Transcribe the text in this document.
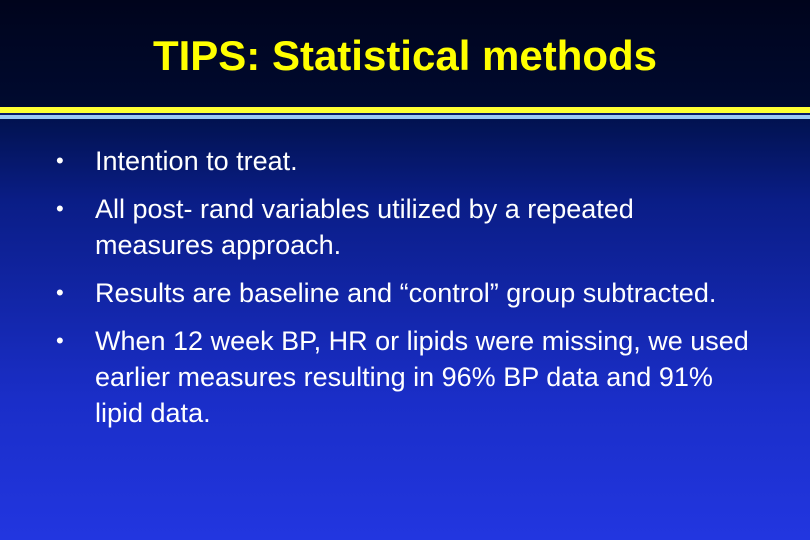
TIPS: Statistical methods
•	Intention to treat.
•	All post- rand variables utilized by a repeated measures approach.
•	Results are baseline and “control” group subtracted.
•	When 12 week BP, HR or lipids were missing, we used earlier measures resulting in 96% BP data and 91% lipid data.
